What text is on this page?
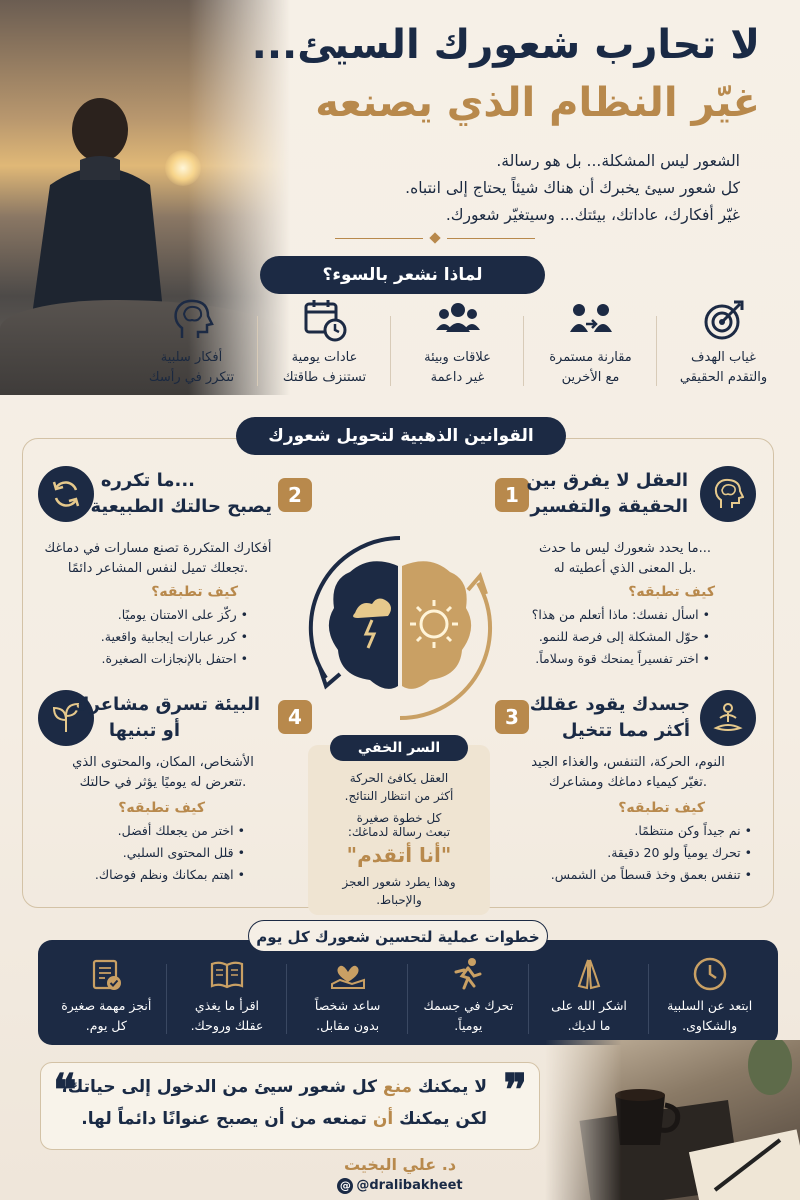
لا تحارب شعورك السيئ...
غيّر النظام الذي يصنعه
الشعور ليس المشكلة... بل هو رسالة.
كل شعور سيئ يخبرك أن هناك شيئاً يحتاج إلى انتباه.
غيّر أفكارك، عاداتك، بيئتك... وسيتغيّر شعورك.
لماذا نشعر بالسوء؟
غياب الهدف
والتقدم الحقيقي
مقارنة مستمرة
مع الأخرين
علاقات وبيئة
غير داعمة
عادات يومية
تستنزف طاقتك
أفكار سلبية
تتكرر في رأسك
القوانين الذهبية لتحويل شعورك
1
العقل لا يفرق بين
الحقيقة والتفسير
ما يحدد شعورك ليس ما حدث...
بل المعنى الذي أعطيته له.
كيف تطبقه؟
• اسأل نفسك: ماذا أتعلم من هذا؟
• حوّل المشكلة إلى فرصة للنمو.
• اختر تفسيراً يمنحك قوة وسلاماً.
2
ما تكرره...
يصبح حالتك الطبيعية
أفكارك المتكررة تصنع مسارات في دماغك
تجعلك تميل لنفس المشاعر دائمًا.
كيف تطبقه؟
• ركّز على الامتنان يوميًا.
• كرر عبارات إيجابية واقعية.
• احتفل بالإنجازات الصغيرة.
3
جسدك يقود عقلك
أكثر مما تتخيل
النوم، الحركة، التنفس، والغذاء الجيد
تغيّر كيمياء دماغك ومشاعرك.
كيف تطبقه؟
• نم جيداً وكن منتظمًا.
• تحرك يومياً ولو 20 دقيقة.
• تنفس بعمق وخذ قسطاً من الشمس.
4
البيئة تسرق مشاعرك
أو تبنيها
الأشخاص، المكان، والمحتوى الذي
تتعرض له يوميًا يؤثر في حالتك.
كيف تطبقه؟
• اختر من يجعلك أفضل.
• قلل المحتوى السلبي.
• اهتم بمكانك ونظم فوضاك.
السر الخفي
العقل يكافئ الحركة
أكثر من انتظار النتائج.
كل خطوة صغيرة
تبعث رسالة لدماغك:
"أنا أتقدم"
وهذا يطرد شعور العجز
والإحباط.
ابتعد عن السلبية
والشكاوى.
اشكر الله على
ما لديك.
تحرك في جسمك
يومياً.
ساعد شخصاً
بدون مقابل.
اقرأ ما يغذي
عقلك وروحك.
أنجز مهمة صغيرة
كل يوم.
خطوات عملية لتحسين شعورك كل يوم
❞
❝	لا يمكنك منع كل شعور سيئ من الدخول إلى حياتك،
لكن يمكنك أن تمنعه من أن يصبح عنوانًا دائماً لها.
د. علي البخيت
@ @dralibakheet
